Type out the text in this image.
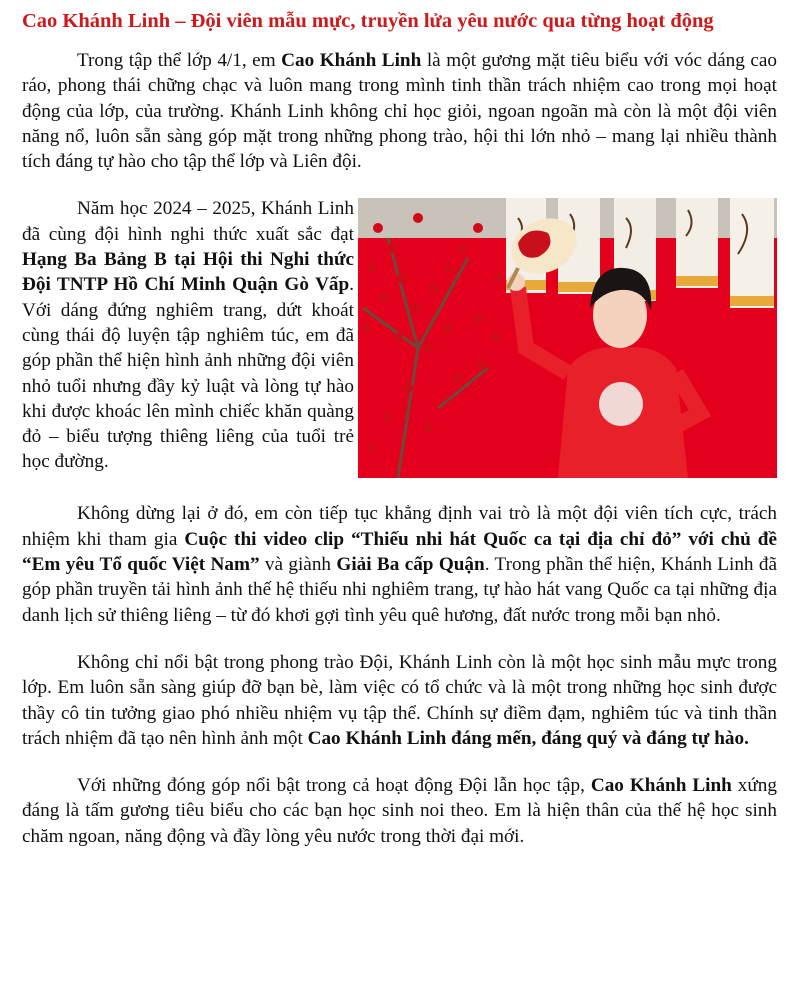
Cao Khánh Linh – Đội viên mẫu mực, truyền lửa yêu nước qua từng hoạt động

Trong tập thể lớp 4/1, em Cao Khánh Linh là một gương mặt tiêu biểu với vóc dáng cao ráo, phong thái chững chạc và luôn mang trong mình tinh thần trách nhiệm cao trong mọi hoạt động của lớp, của trường. Khánh Linh không chỉ học giỏi, ngoan ngoãn mà còn là một đội viên năng nổ, luôn sẵn sàng góp mặt trong những phong trào, hội thi lớn nhỏ – mang lại nhiều thành tích đáng tự hào cho tập thể lớp và Liên đội.

Năm học 2024 – 2025, Khánh Linh đã cùng đội hình nghi thức xuất sắc đạt Hạng Ba Bảng B tại Hội thi Nghi thức Đội TNTP Hồ Chí Minh Quận Gò Vấp. Với dáng đứng nghiêm trang, dứt khoát cùng thái độ luyện tập nghiêm túc, em đã góp phần thể hiện hình ảnh những đội viên nhỏ tuổi nhưng đầy kỷ luật và lòng tự hào khi được khoác lên mình chiếc khăn quàng đỏ – biểu tượng thiêng liêng của tuổi trẻ học đường.

Không dừng lại ở đó, em còn tiếp tục khẳng định vai trò là một đội viên tích cực, trách nhiệm khi tham gia Cuộc thi video clip “Thiếu nhi hát Quốc ca tại địa chỉ đỏ” với chủ đề “Em yêu Tổ quốc Việt Nam” và giành Giải Ba cấp Quận. Trong phần thể hiện, Khánh Linh đã góp phần truyền tải hình ảnh thế hệ thiếu nhi nghiêm trang, tự hào hát vang Quốc ca tại những địa danh lịch sử thiêng liêng – từ đó khơi gợi tình yêu quê hương, đất nước trong mỗi bạn nhỏ.

Không chỉ nổi bật trong phong trào Đội, Khánh Linh còn là một học sinh mẫu mực trong lớp. Em luôn sẵn sàng giúp đỡ bạn bè, làm việc có tổ chức và là một trong những học sinh được thầy cô tin tưởng giao phó nhiều nhiệm vụ tập thể. Chính sự điềm đạm, nghiêm túc và tinh thần trách nhiệm đã tạo nên hình ảnh một Cao Khánh Linh đáng mến, đáng quý và đáng tự hào.

Với những đóng góp nổi bật trong cả hoạt động Đội lẫn học tập, Cao Khánh Linh xứng đáng là tấm gương tiêu biểu cho các bạn học sinh noi theo. Em là hiện thân của thế hệ học sinh chăm ngoan, năng động và đầy lòng yêu nước trong thời đại mới.
